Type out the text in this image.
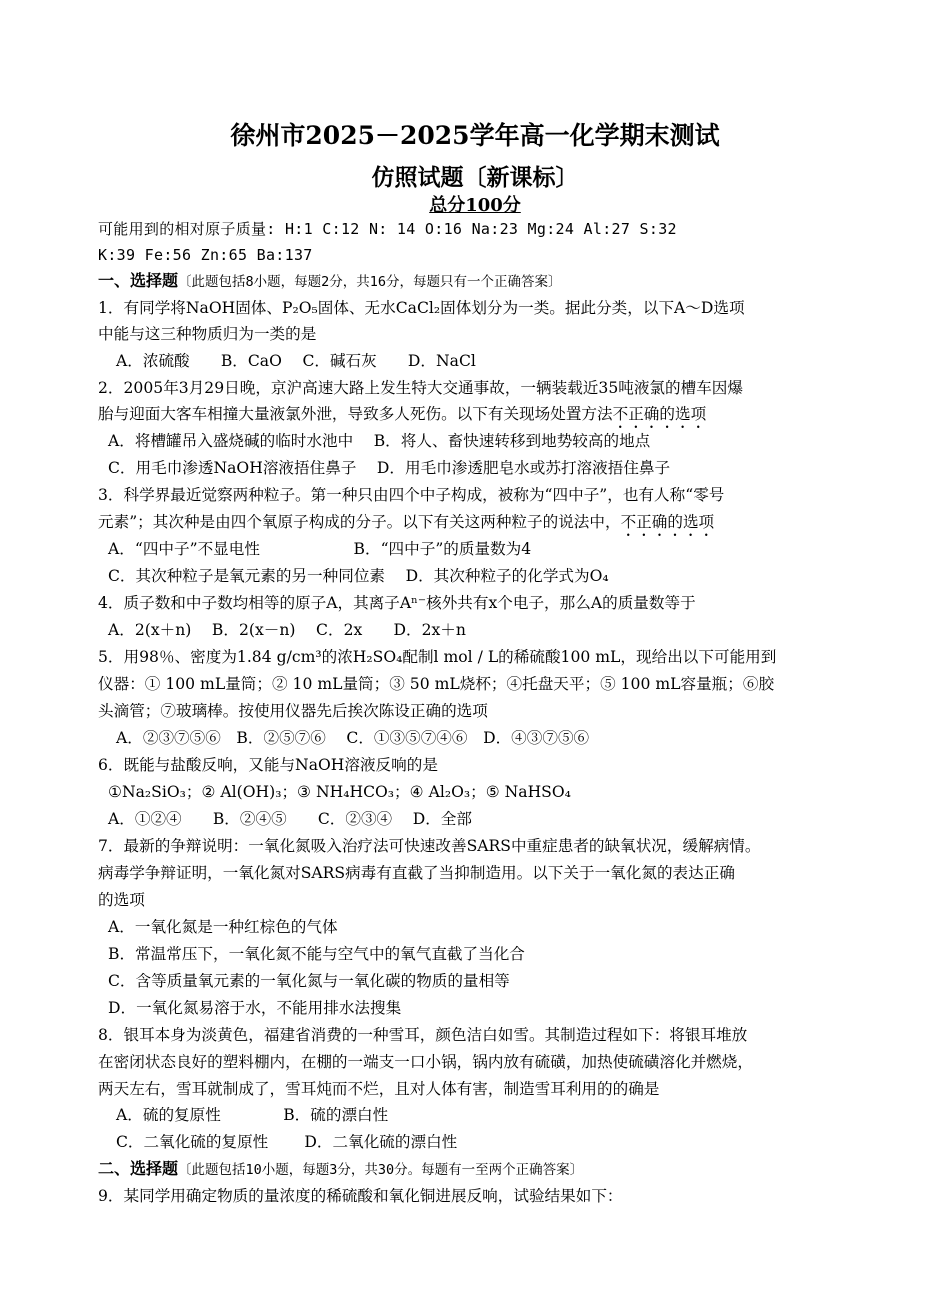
徐州市2025－2025学年高一化学期末测试
仿照试题〔新课标〕
总分100分
可能用到的相对原子质量: H:1 C:12 N: 14 O:16 Na:23 Mg:24 Al:27 S:32
K:39 Fe:56 Zn:65 Ba:137
一、选择题〔此题包括8小题，每题2分，共16分，每题只有一个正确答案〕
1．有同学将NaOH固体、P₂O₅固体、无水CaCl₂固体划分为一类。据此分类，以下A～D选项
中能与这三种物质归为一类的是
A．浓硫酸　　B．CaO　 C．碱石灰　　D．NaCl
2．2005年3月29日晚，京沪高速大路上发生特大交通事故，一辆装载近35吨液氯的槽车因爆
胎与迎面大客车相撞大量液氯外泄，导致多人死伤。以下有关现场处置方法不正确的选项
A．将槽罐吊入盛烧碱的临时水池中　 B．将人、畜快速转移到地势较高的地点
C．用毛巾渗透NaOH溶液捂住鼻子　 D．用毛巾渗透肥皂水或苏打溶液捂住鼻子
3．科学界最近觉察两种粒子。第一种只由四个中子构成，被称为“四中子”，也有人称“零号
元素”；其次种是由四个氧原子构成的分子。以下有关这两种粒子的说法中，不正确的选项
A．“四中子”不显电性　　　　　　B．“四中子”的质量数为4
C．其次种粒子是氧元素的另一种同位素　 D．其次种粒子的化学式为O₄
4．质子数和中子数均相等的原子A，其离子Aⁿ⁻核外共有x个电子，那么A的质量数等于
A．2(x＋n)　 B．2(x－n)　 C．2x　　D．2x＋n
5．用98％、密度为1.84 g/cm³的浓H₂SO₄配制l mol / L的稀硫酸100 mL，现给出以下可能用到
仪器：① 100 mL量筒；② 10 mL量筒；③ 50 mL烧杯；④托盘天平；⑤ 100 mL容量瓶；⑥胶
头滴管；⑦玻璃棒。按使用仪器先后挨次陈设正确的选项
A．②③⑦⑤⑥　B．②⑤⑦⑥　 C．①③⑤⑦④⑥　D．④③⑦⑤⑥
6．既能与盐酸反响，又能与NaOH溶液反响的是
①Na₂SiO₃；② Al(OH)₃；③ NH₄HCO₃；④ Al₂O₃；⑤ NaHSO₄
A．①②④　　B．②④⑤　　C．②③④　 D．全部
7．最新的争辩说明：一氧化氮吸入治疗法可快速改善SARS中重症患者的缺氧状况，缓解病情。
病毒学争辩证明，一氧化氮对SARS病毒有直截了当抑制造用。以下关于一氧化氮的表达正确
的选项
A．一氧化氮是一种红棕色的气体
B．常温常压下，一氧化氮不能与空气中的氧气直截了当化合
C．含等质量氧元素的一氧化氮与一氧化碳的物质的量相等
D．一氧化氮易溶于水，不能用排水法搜集
8．银耳本身为淡黄色，福建省消费的一种雪耳，颜色洁白如雪。其制造过程如下：将银耳堆放
在密闭状态良好的塑料棚内，在棚的一端支一口小锅，锅内放有硫磺，加热使硫磺溶化并燃烧，
两天左右，雪耳就制成了，雪耳炖而不烂，且对人体有害，制造雪耳利用的的确是
A．硫的复原性　　　　B．硫的漂白性
C．二氧化硫的复原性　　 D．二氧化硫的漂白性
二、选择题〔此题包括10小题，每题3分，共30分。每题有一至两个正确答案〕
9．某同学用确定物质的量浓度的稀硫酸和氧化铜进展反响，试验结果如下：
